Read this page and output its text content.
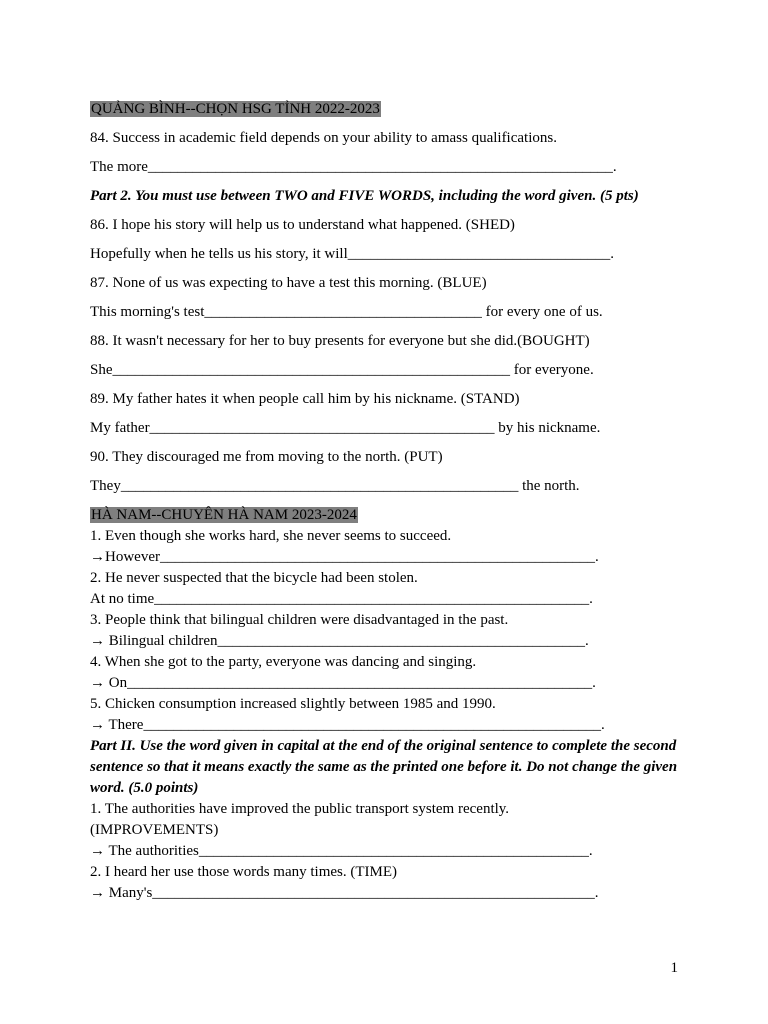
QUẢNG BÌNH--CHỌN HSG TỈNH 2022-2023
84. Success in academic field depends on your ability to amass qualifications.
The more______________________________________________________________.
Part 2. You must use between TWO and FIVE WORDS, including the word given. (5 pts)
86. I hope his story will help us to understand what happened. (SHED)
Hopefully when he tells us his story, it will___________________________________.
87. None of us was expecting to have a test this morning. (BLUE)
This morning's test_____________________________________ for every one of us.
88. It wasn't necessary for her to buy presents for everyone but she did.(BOUGHT)
She_____________________________________________________ for everyone.
89. My father hates it when people call him by his nickname. (STAND)
My father______________________________________________ by his nickname.
90. They discouraged me from moving to the north. (PUT)
They_____________________________________________________ the north.
HÀ NAM--CHUYÊN HÀ NAM 2023-2024
1. Even though she works hard, she never seems to succeed.
→However__________________________________________________________.
2. He never suspected that the bicycle had been stolen.
At no time__________________________________________________________.
3. People think that bilingual children were disadvantaged in the past.
→ Bilingual children_________________________________________________.
4. When she got to the party, everyone was dancing and singing.
→ On______________________________________________________________.
5. Chicken consumption increased slightly between 1985 and 1990.
→ There_____________________________________________________________.
Part II. Use the word given in capital at the end of the original sentence to complete the second sentence so that it means exactly the same as the printed one before it. Do not change the given word. (5.0 points)
1. The authorities have improved the public transport system recently.
(IMPROVEMENTS)
→ The authorities____________________________________________________.
2. I heard her use those words many times. (TIME)
→ Many's___________________________________________________________.
1
